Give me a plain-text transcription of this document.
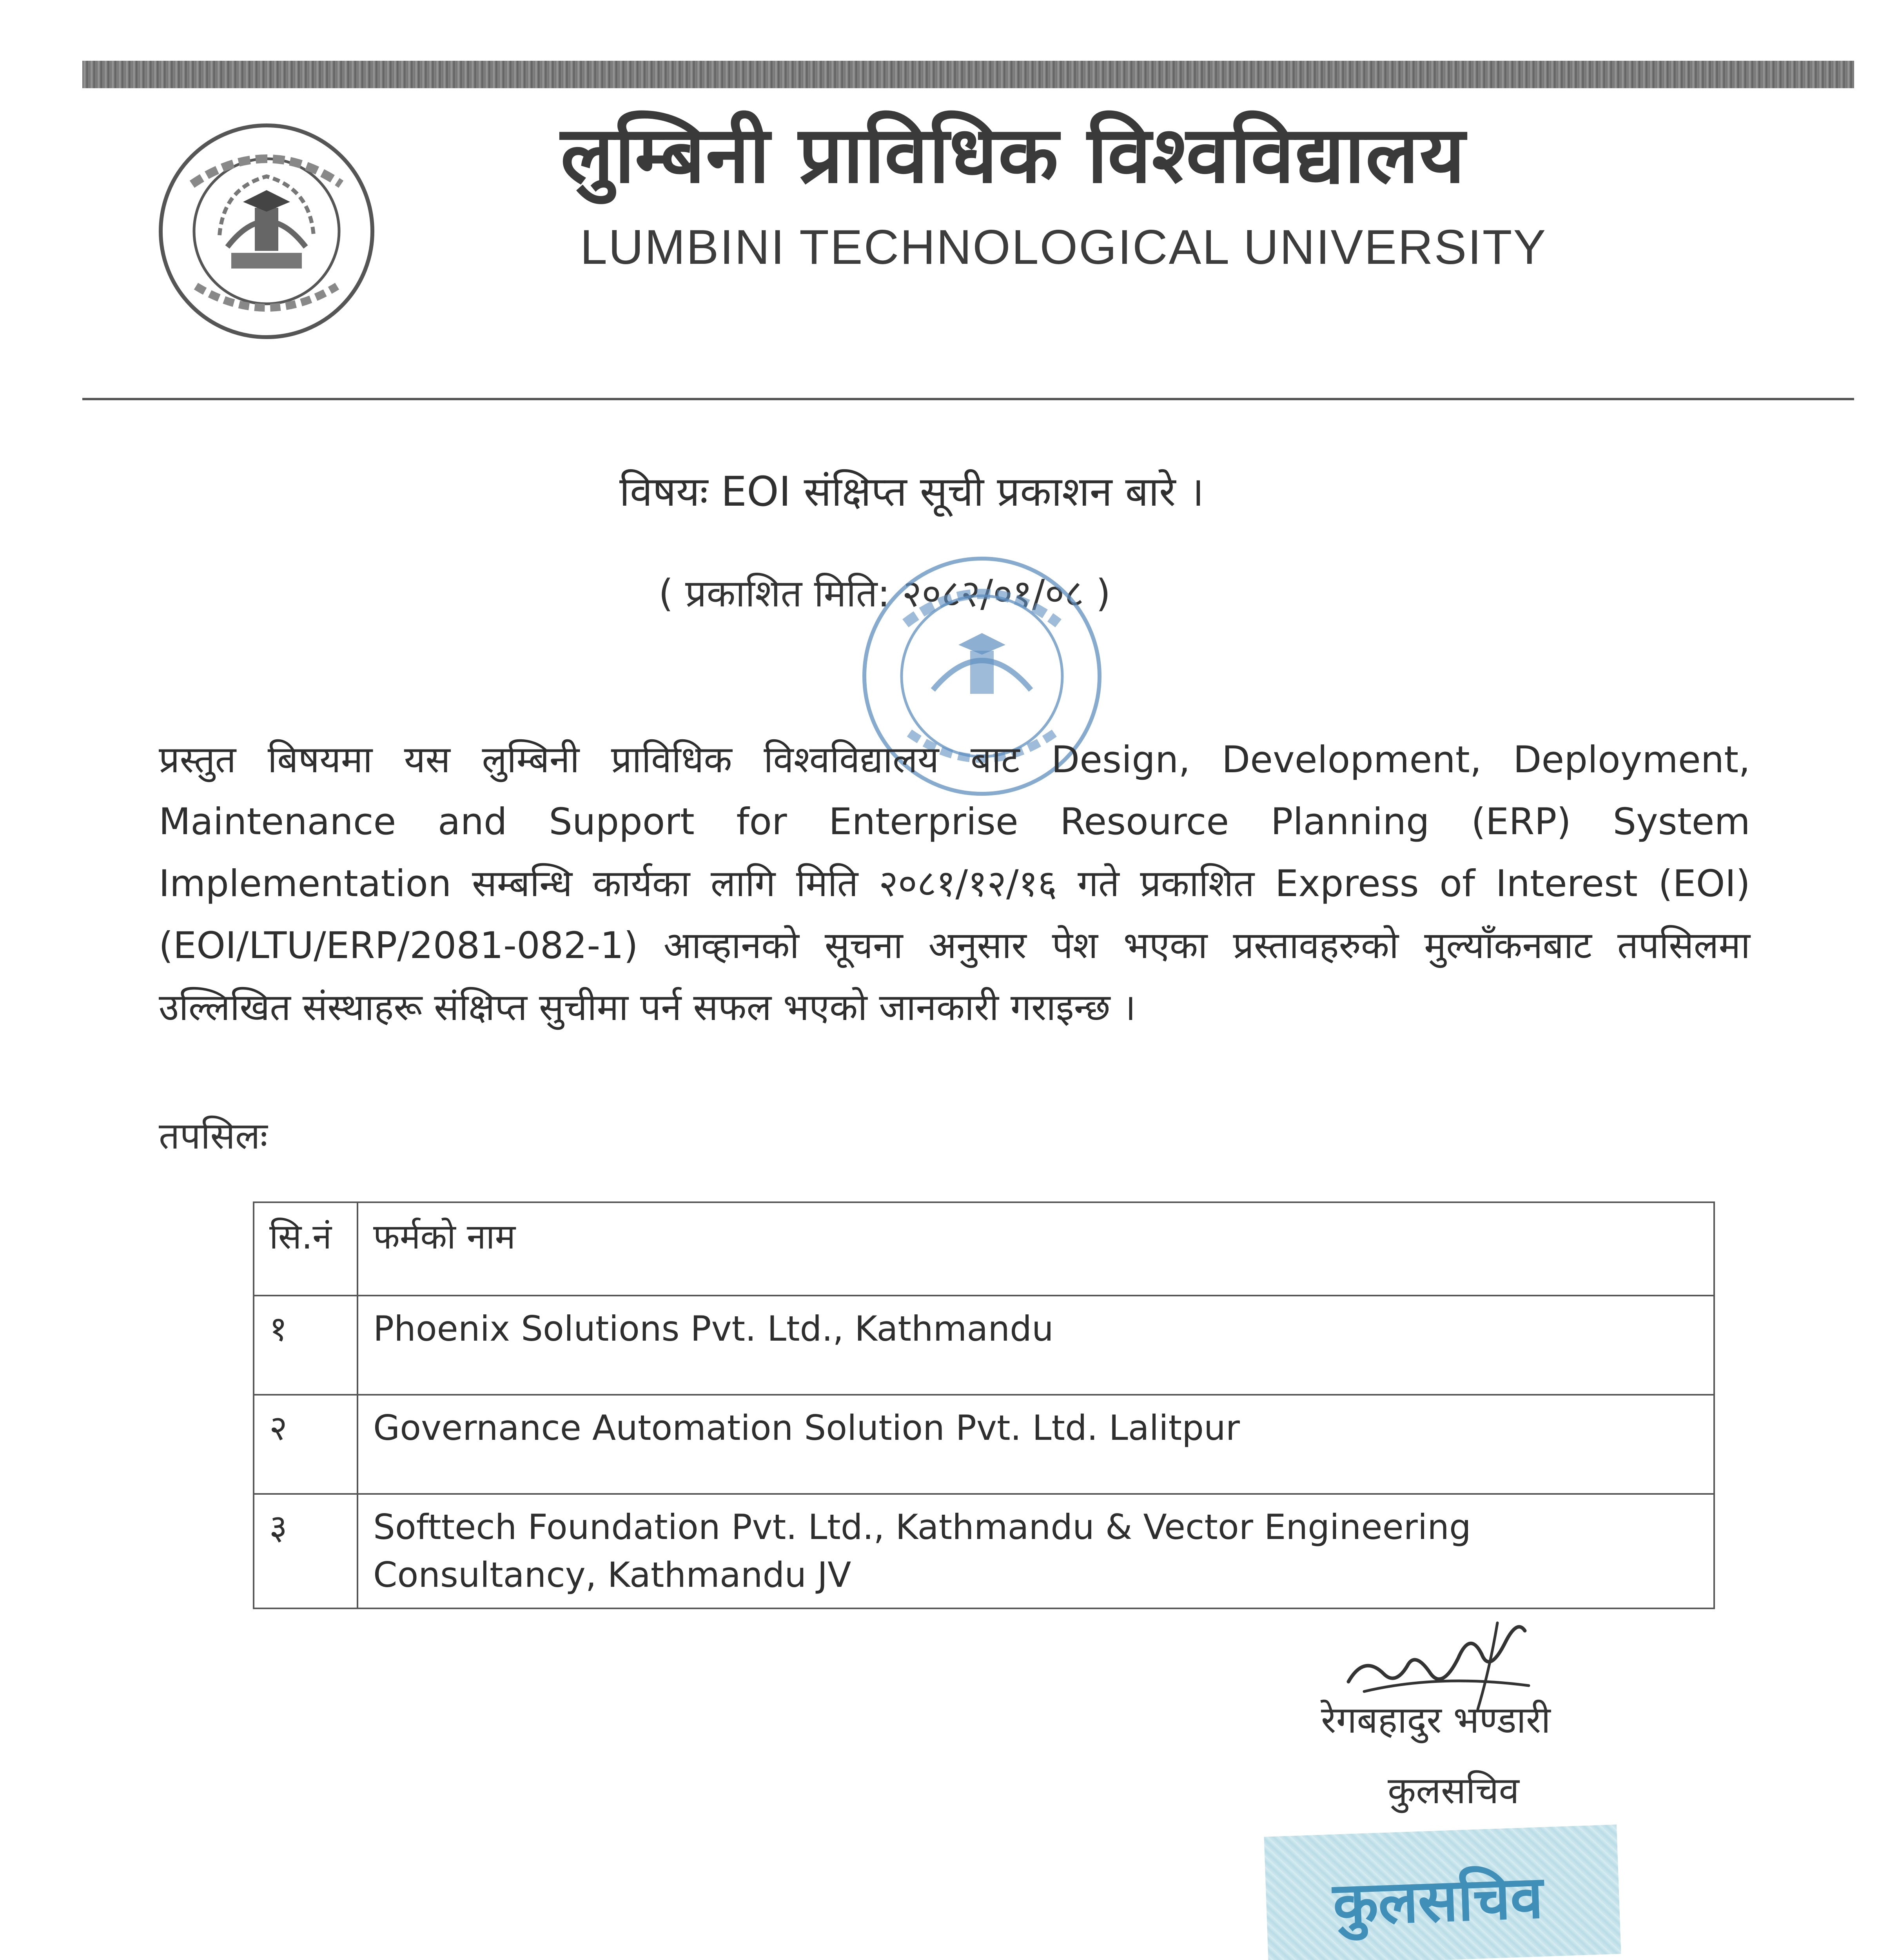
लुम्बिनी प्राविधिक विश्वविद्यालय
LUMBINI TECHNOLOGICAL UNIVERSITY
विषयः EOI संक्षिप्त सूची प्रकाशन बारे ।
( प्रकाशित मिति: २०८२/०१/०८ )

प्रस्तुत बिषयमा यस लुम्बिनी प्राविधिक विश्वविद्यालय बाट Design, Development, Deployment, Maintenance and Support for Enterprise Resource Planning (ERP) System Implementation सम्बन्धि कार्यका लागि मिति २०८१/१२/१६ गते प्रकाशित Express of Interest (EOI) (EOI/LTU/ERP/2081-082-1) आव्हानको सूचना अनुसार पेश भएका प्रस्तावहरुको मुल्याँकनबाट तपसिलमा उल्लिखित संस्थाहरू संक्षिप्त सुचीमा पर्न सफल भएको जानकारी गराइन्छ ।

तपसिलः
सि.नं	फर्मको नाम
१	Phoenix Solutions Pvt. Ltd., Kathmandu
२	Governance Automation Solution Pvt. Ltd. Lalitpur
३	Softtech Foundation Pvt. Ltd., Kathmandu & Vector Engineering Consultancy, Kathmandu JV
रेगबहादुर भण्डारी
कुलसचिव
कुलसचिव
